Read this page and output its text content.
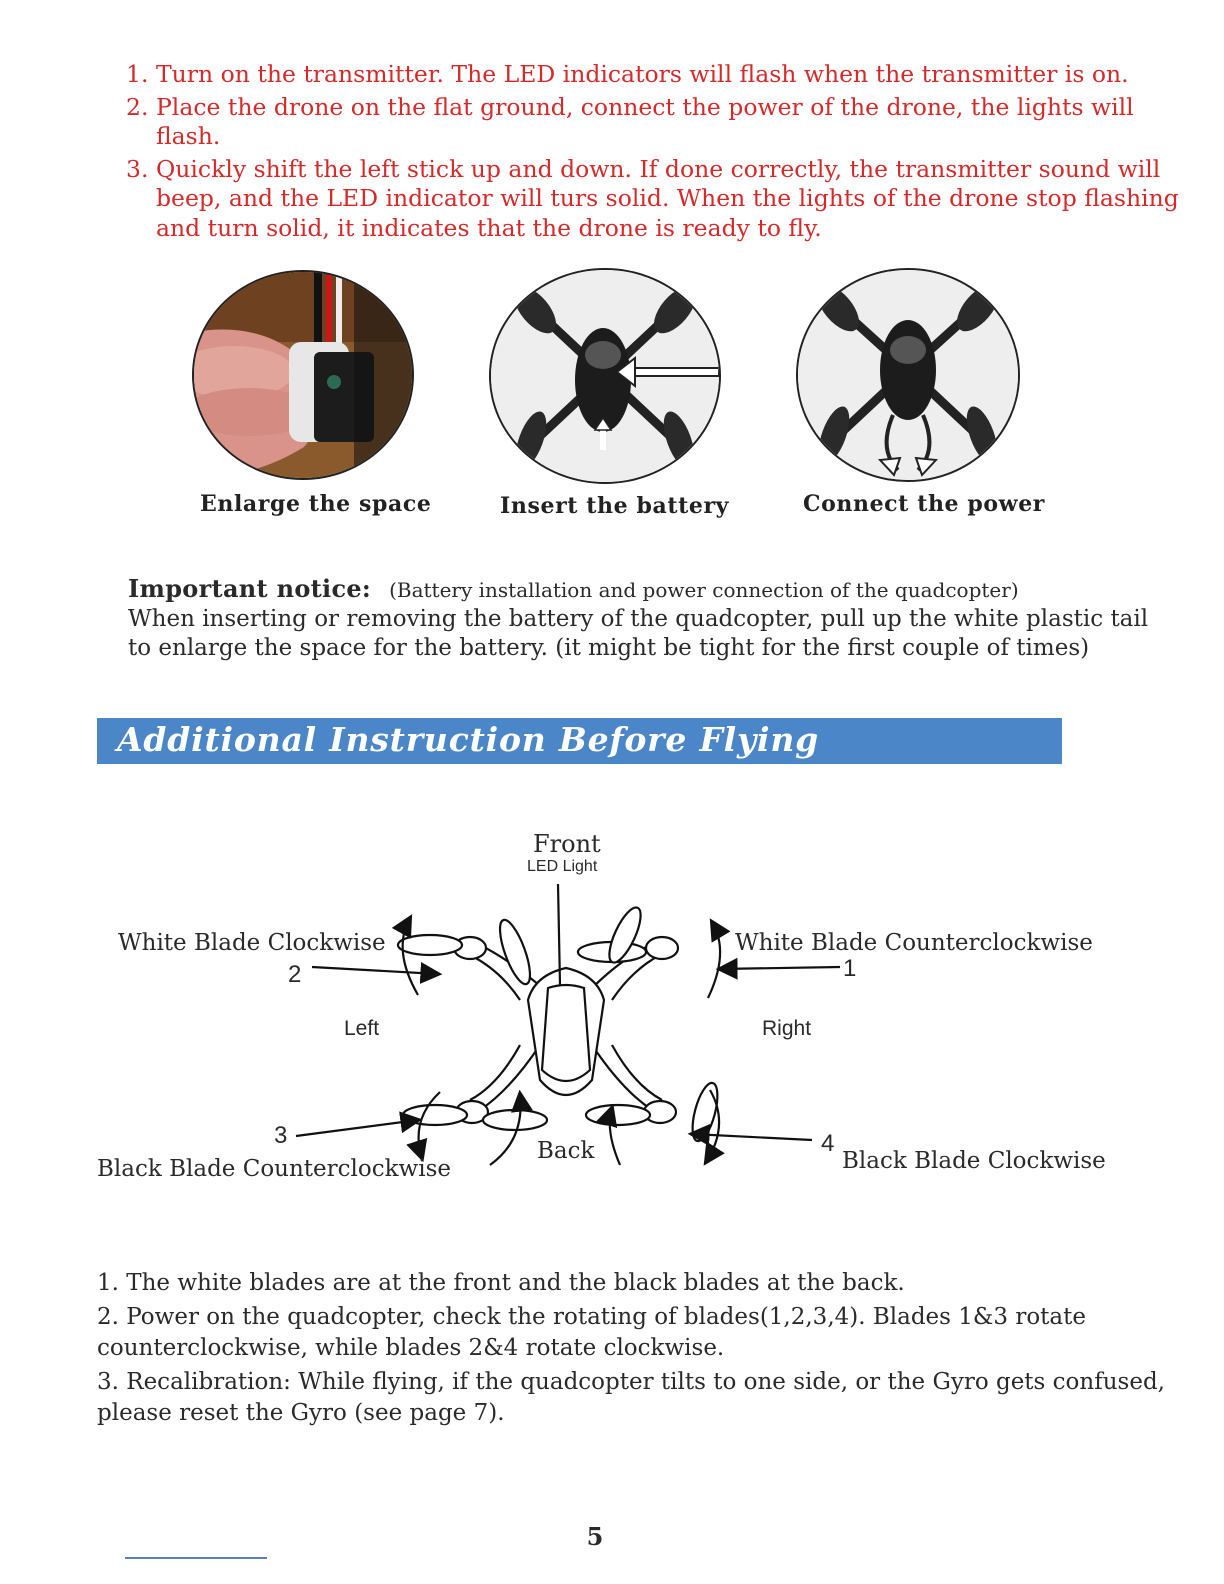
1. Turn on the transmitter. The LED indicators will flash when the transmitter is on.
2. Place the drone on the flat ground, connect the power of the drone, the lights will flash.
3. Quickly shift the left stick up and down. If done correctly, the transmitter sound will beep, and the LED indicator will turs solid. When the lights of the drone stop flashing and turn solid, it indicates that the drone is ready to fly.
Enlarge the space	Insert the battery	Connect the power
Important notice: (Battery installation and power connection of the quadcopter)
When inserting or removing the battery of the quadcopter, pull up the white plastic tail to enlarge the space for the battery. (it might be tight for the first couple of times)
Additional Instruction Before Flying
Front
LED Light
White Blade Clockwise
2
White Blade Counterclockwise
1
Left	Right
3
Black Blade Counterclockwise
Back	4
Black Blade Clockwise

1. The white blades are at the front and the black blades at the back.

2. Power on the quadcopter, check the rotating of blades(1,2,3,4). Blades 1&3 rotate counterclockwise, while blades 2&4 rotate clockwise.

3. Recalibration: While flying, if the quadcopter tilts to one side, or the Gyro gets confused, please reset the Gyro (see page 7).

5
